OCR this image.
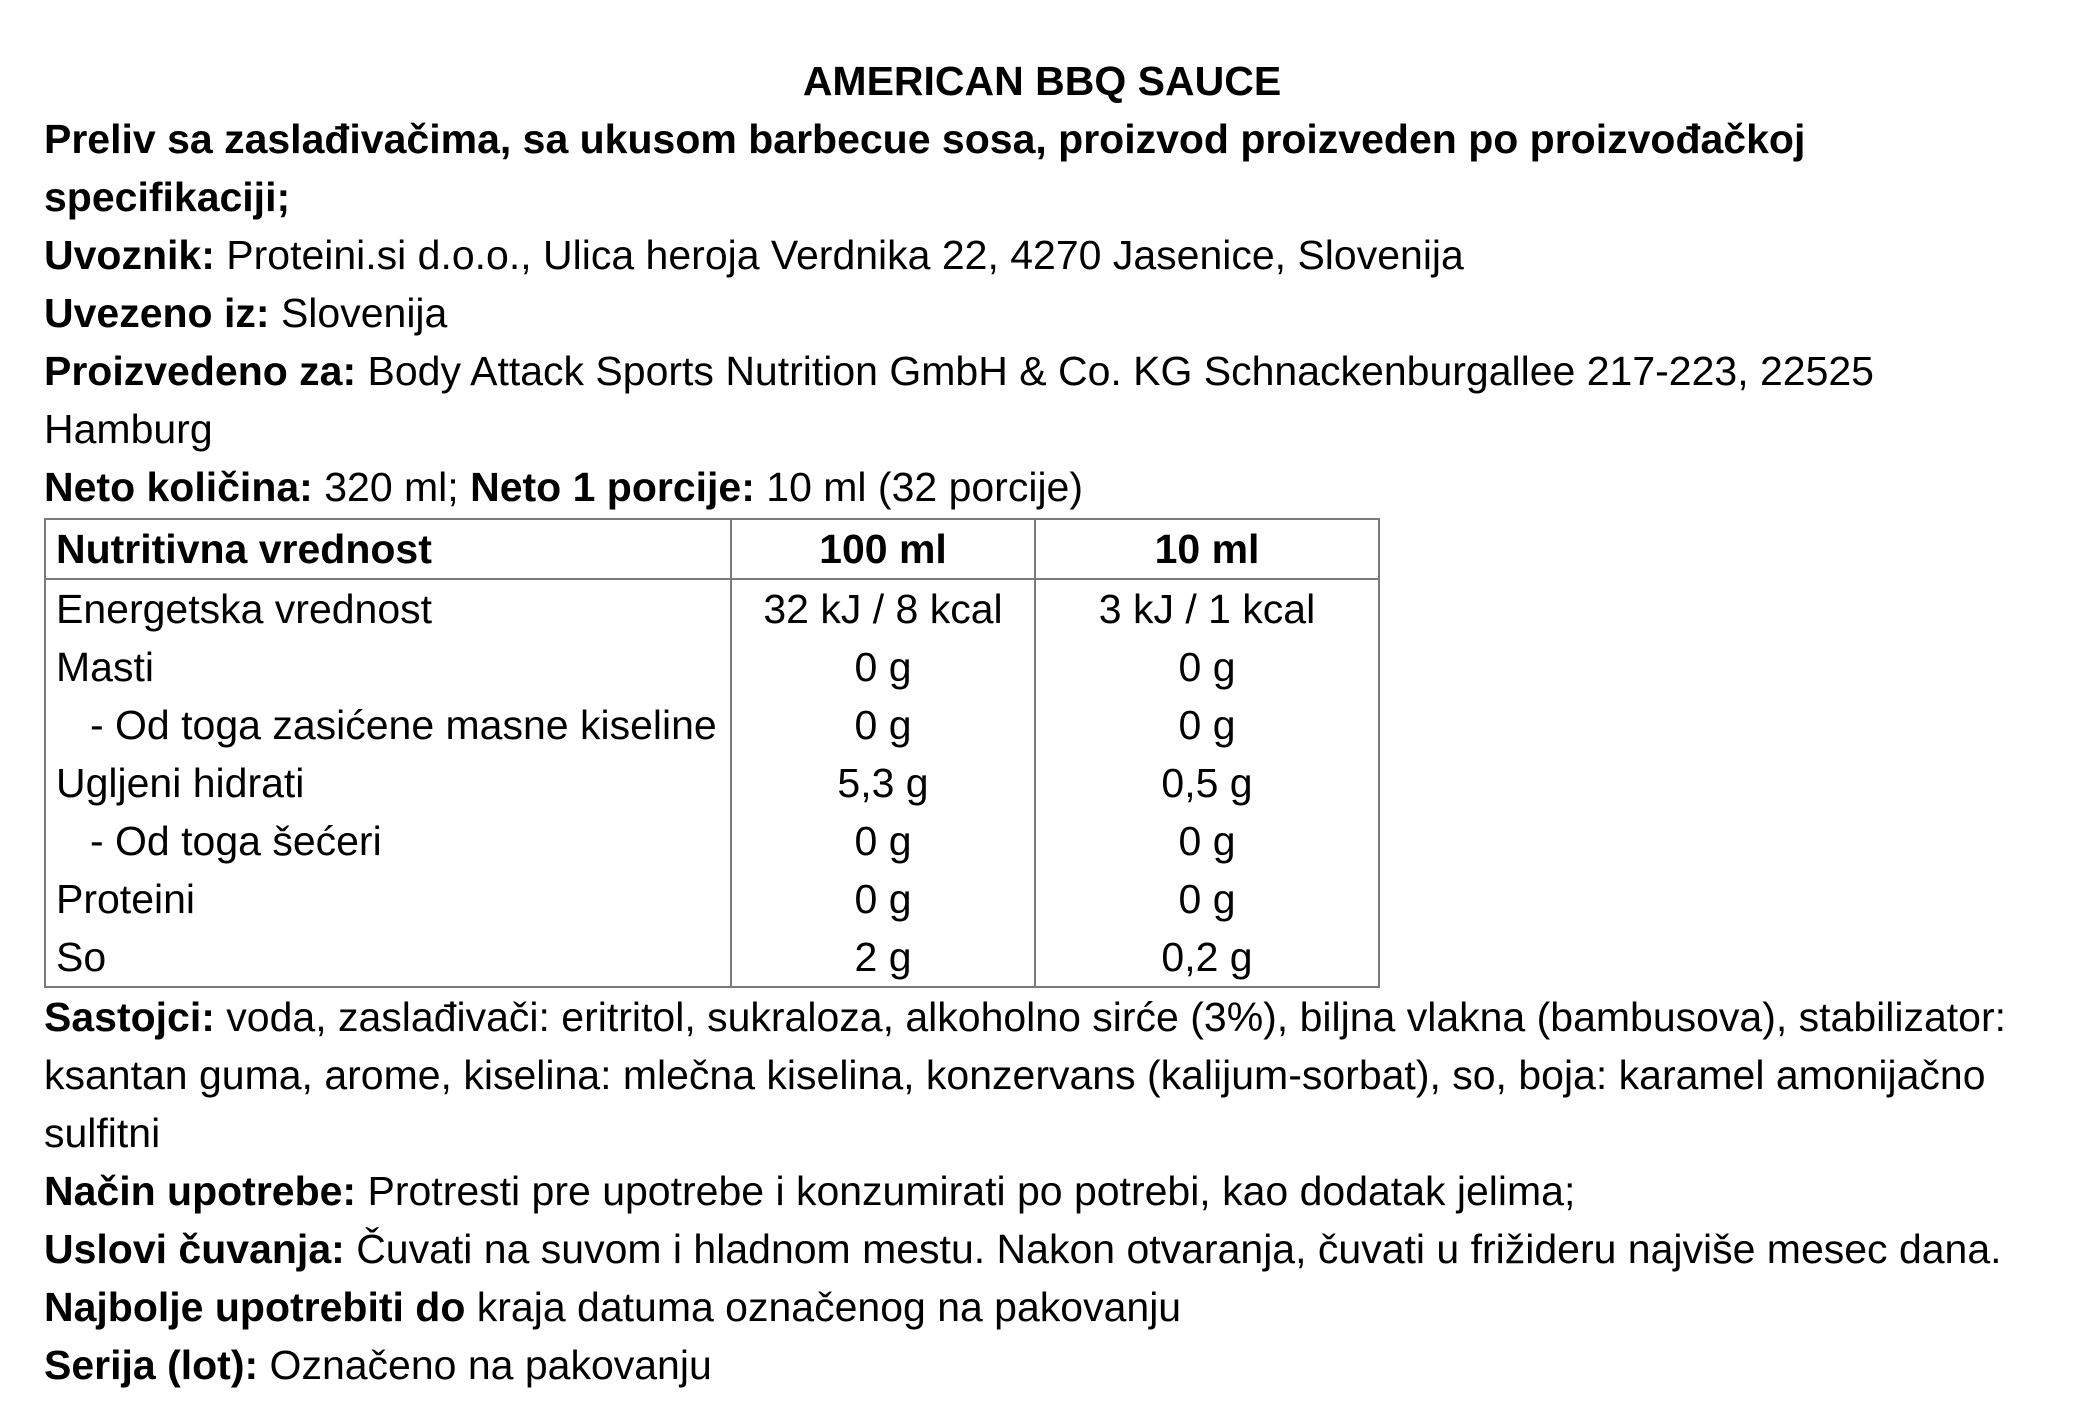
AMERICAN BBQ SAUCE
Preliv sa zaslađivačima, sa ukusom barbecue sosa, proizvod proizveden po proizvođačkoj specifikaciji;
Uvoznik: Proteini.si d.o.o., Ulica heroja Verdnika 22, 4270 Jasenice, Slovenija
Uvezeno iz: Slovenija
Proizvedeno za: Body Attack Sports Nutrition GmbH & Co. KG Schnackenburgallee 217-223, 22525 Hamburg
Neto količina: 320 ml; Neto 1 porcije: 10 ml (32 porcije)
Nutritivna vrednost	100 ml	10 ml
Energetska vrednost	32 kJ / 8 kcal	3 kJ / 1 kcal
Masti	0 g	0 g
- Od toga zasićene masne kiseline	0 g	0 g
Ugljeni hidrati	5,3 g	0,5 g
- Od toga šećeri	0 g	0 g
Proteini	0 g	0 g
So	2 g	0,2 g
Sastojci: voda, zaslađivači: eritritol, sukraloza, alkoholno sirće (3%), biljna vlakna (bambusova), stabilizator: ksantan guma, arome, kiselina: mlečna kiselina, konzervans (kalijum-sorbat), so, boja: karamel amonijačno sulfitni
Način upotrebe: Protresti pre upotrebe i konzumirati po potrebi, kao dodatak jelima;
Uslovi čuvanja: Čuvati na suvom i hladnom mestu. Nakon otvaranja, čuvati u frižideru najviše mesec dana.
Najbolje upotrebiti do kraja datuma označenog na pakovanju
Serija (lot): Označeno na pakovanju
